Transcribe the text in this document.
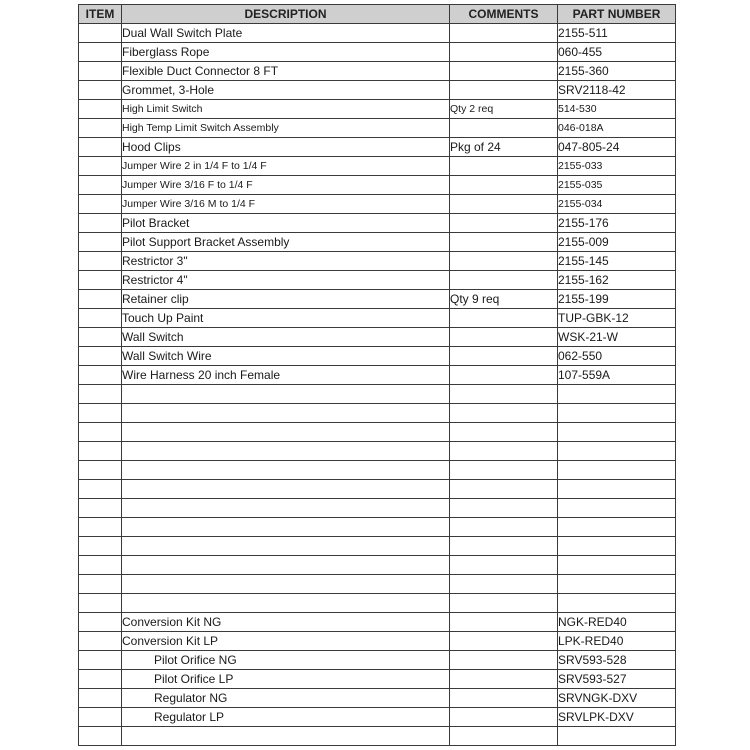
ITEM	DESCRIPTION	COMMENTS	PART NUMBER
	Dual Wall Switch Plate		2155-511
	Fiberglass Rope		060-455
	Flexible Duct Connector 8 FT		2155-360
	Grommet, 3-Hole		SRV2118-42
	High Limit Switch	Qty 2 req	514-530
	High Temp Limit Switch Assembly		046-018A
	Hood Clips	Pkg of 24	047-805-24
	Jumper Wire 2 in 1/4 F to 1/4 F		2155-033
	Jumper Wire 3/16 F to 1/4 F		2155-035
	Jumper Wire 3/16 M to 1/4 F		2155-034
	Pilot Bracket		2155-176
	Pilot Support Bracket Assembly		2155-009
	Restrictor 3"		2155-145
	Restrictor 4"		2155-162
	Retainer clip	Qty 9 req	2155-199
	Touch Up Paint		TUP-GBK-12
	Wall Switch		WSK-21-W
	Wall Switch Wire		062-550
	Wire Harness 20 inch Female		107-559A

	Conversion Kit NG		NGK-RED40
	Conversion Kit LP		LPK-RED40
	Pilot Orifice NG		SRV593-528
	Pilot Orifice LP		SRV593-527
	Regulator NG		SRVNGK-DXV
	Regulator LP		SRVLPK-DXV
